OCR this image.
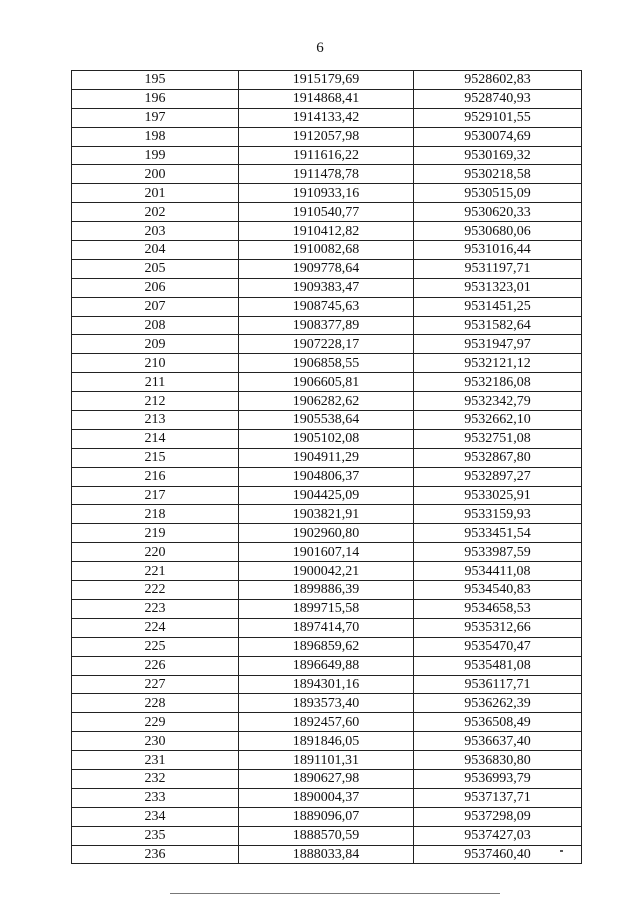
6
195	1915179,69	9528602,83
196	1914868,41	9528740,93
197	1914133,42	9529101,55
198	1912057,98	9530074,69
199	1911616,22	9530169,32
200	1911478,78	9530218,58
201	1910933,16	9530515,09
202	1910540,77	9530620,33
203	1910412,82	9530680,06
204	1910082,68	9531016,44
205	1909778,64	9531197,71
206	1909383,47	9531323,01
207	1908745,63	9531451,25
208	1908377,89	9531582,64
209	1907228,17	9531947,97
210	1906858,55	9532121,12
211	1906605,81	9532186,08
212	1906282,62	9532342,79
213	1905538,64	9532662,10
214	1905102,08	9532751,08
215	1904911,29	9532867,80
216	1904806,37	9532897,27
217	1904425,09	9533025,91
218	1903821,91	9533159,93
219	1902960,80	9533451,54
220	1901607,14	9533987,59
221	1900042,21	9534411,08
222	1899886,39	9534540,83
223	1899715,58	9534658,53
224	1897414,70	9535312,66
225	1896859,62	9535470,47
226	1896649,88	9535481,08
227	1894301,16	9536117,71
228	1893573,40	9536262,39
229	1892457,60	9536508,49
230	1891846,05	9536637,40
231	1891101,31	9536830,80
232	1890627,98	9536993,79
233	1890004,37	9537137,71
234	1889096,07	9537298,09
235	1888570,59	9537427,03
236	1888033,84	9537460,40
